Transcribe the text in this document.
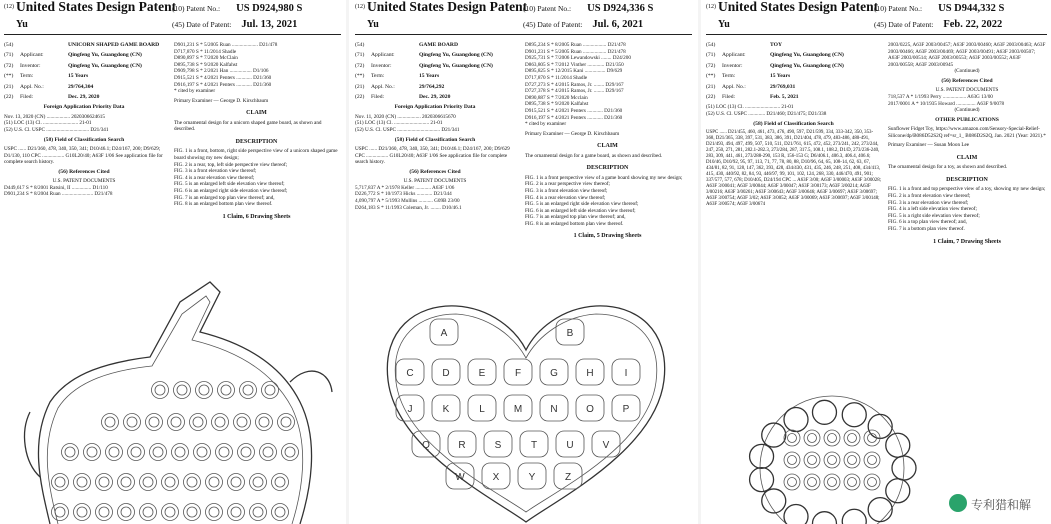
(12) United States Design Patent
Yu
(10) Patent No.: US D924,980 S
(45) Date of Patent: Jul. 13, 2021
(54)	UNICORN SHAPED GAME BOARD
(71)	Applicant:	Qingfeng Yu, Guangdong (CN)
(72)	Inventor:	Qingfeng Yu, Guangdong (CN)
(**)	Term:	15 Years
(21)	Appl. No.:	29/764,304
(22)	Filed:	Dec. 29, 2020
Foreign Application Priority Data
Nov. 13, 2020 (CN) .................. 2020306624615
(51) LOC (13) Cl. ........................... 21-01
(52) U.S. Cl. USPC ................................. D21/341
(58) Field of Classification Search
USPC ...... D21/360, 478, 340, 350, 341; D10/46.1; D24/167, 200; D9/629; D1/130, 110 CPC ................. G10L20/40; A63F 1/06 See application file for complete search history.
(56) References Cited
U.S. PATENT DOCUMENTS
D449,617 S * 8/2001 Ratsini, II ............... D1/110
D901,234 S * 8/2004 Ruan ........................ D21/478
D901,231 S * 5/2005 Ruan .................... D21/478
D717,870 S * 11/2014 Shadle
D890,897 S * 7/2020 McClain
D895,738 S * 9/2020 Kalfahst
D909,798 S * 2/2021 Han ................. D1/106
D915,521 S * 4/2021 Penters ............ D21/360
D916,197 S * 4/2021 Penters ............ D21/360
* cited by examiner
Primary Examiner — George D. Kirschbaum
CLAIM
The ornamental design for a unicorn shaped game board, as shown and described.
DESCRIPTION
FIG. 1 is a front, bottom, right side perspective view of a unicorn shaped game board showing my new design;
FIG. 2 is a rear, top, left side perspective view thereof;
FIG. 3 is a front elevation view thereof;
FIG. 4 is a rear elevation view thereof;
FIG. 5 is an enlarged left side elevation view thereof;
FIG. 6 is an enlarged right side elevation view thereof;
FIG. 7 is an enlarged top plan view thereof; and,
FIG. 8 is an enlarged bottom plan view thereof.
1 Claim, 6 Drawing Sheets
(12) United States Design Patent
Yu
(10) Patent No.: US D924,336 S
(45) Date of Patent: Jul. 6, 2021
(54)	GAME BOARD
(71)	Applicant:	Qingfeng Yu, Guangdong (CN)
(72)	Inventor:	Qingfeng Yu, Guangdong (CN)
(**)	Term:	15 Years
(21)	Appl. No.:	29/764,292
(22)	Filed:	Dec. 29, 2020
Foreign Application Priority Data
Nov. 11, 2020 (CN) .................. 2020306615670
(51) LOC (13) Cl. ........................... 21-01
(52) U.S. Cl. USPC ................................. D21/341
(58) Field of Classification Search
USPC ...... D21/360, 478, 340, 350, 341; D10/46.1; D24/167, 200; D9/629 CPC ................. G10L20/40; A63F 1/06 See application file for complete search history.
(56) References Cited
U.S. PATENT DOCUMENTS
5,717,837 A * 2/1978 Keller ............ A63F 1/06
D226,772 S * 10/1973 Hicks ............ D21/344
4,090,797 A * 5/1993 Mullins ........... G09B 23/00
D264,183 S * 11/1993 Coleman, Jr. ........ D10/46.1
D895,234 S * 8/2005 Ruan .................. D21/478
D901,231 S * 5/2005 Ruan .................. D21/478
D925,731 S * 7/2006 Lewandowski ........ D24/200
D863,805 S * 7/2012 Vinther ............. D21/350
D895,825 S * 12/2015 Kani ................ D9/629
D717,870 S * 11/2014 Shadle
D727,273 S * 4/2015 Ramos, Jr. ........ D29/167
D727,378 S * 4/2015 Ramos, Jr. ........ D29/167
D890,887 S * 7/2020 Mcclain
D895,738 S * 9/2020 Kalfahst
D915,521 S * 4/2021 Penters ............ D21/360
D916,197 S * 4/2021 Penters ............ D21/360
* cited by examiner
Primary Examiner — George D. Kirschbaum
CLAIM
The ornamental design for a game board, as shown and described.
DESCRIPTION
FIG. 1 is a front perspective view of a game board showing my new design;
FIG. 2 is a rear perspective view thereof;
FIG. 3 is a front elevation view thereof;
FIG. 4 is a rear elevation view thereof;
FIG. 5 is an enlarged right side elevation view thereof;
FIG. 6 is an enlarged left side elevation view thereof;
FIG. 7 is an enlarged top plan view thereof; and,
FIG. 8 is an enlarged bottom plan view thereof.
1 Claim, 5 Drawing Sheets
A	B
C	D	E	F	G	H	I
J	K	L	M	N	O	P
Q	R	S	T	U	V
W	X	Y	Z
(12) United States Design Patent
Yu
(10) Patent No.: US D944,332 S
(45) Date of Patent: Feb. 22, 2022
(54)	TOY
(71)	Applicant:	Qingfeng Yu, Guangdong (CN)
(72)	Inventor:	Qingfeng Yu, Guangdong (CN)
(**)	Term:	15 Years
(21)	Appl. No.:	29/769,031
(22)	Filed:	Feb. 5, 2021
(51) LOC (13) Cl. ........................... 21-01
(52) U.S. Cl. USPC ............. D21/460; D21/475; D21/338
(58) Field of Classification Search
USPC ...... D21/455, 460, 461, 473, 476, 490, 597, D21/599, 334, 333-342, 350, 353-368, D21/365, 338, 397, 531, 383, 386, 391, D21/404, 478, 479, 483-486, 480-491, D21/493, 494, 497, 499, 507, 510, 511, D21/761, 615, 472, 452, 273/241, 242, 273/244, 247, 250, 271, 281, 282.1-282.3, 273/284, 287, 317.5, 108.1, 108.2, D1/D, 273/236-240, 283, 309, 441, 461, 273/288-290, 153 R, 156-153 G; D6/406.1, 406.3, 406.4, 406.6; D10/46, D10/92, 95, 97, 113, 71, 77, 78, 80, 88, D10/96, 64, 65, 108-14, 62, 63, 67, 434/81, 82, 91, 128, 147, 362, 393, 428, 434/430, 431, 435, 246, 248, 251, 408, 434/413, 415, 430, 440/92, 82, 84, 93, 446/97, 99, 101, 102, 124, 268, 330, 446/470, 491, 901; 337/577, 577, 678; D10/405, D24/194 CPC ... A63F 3/00; A63F 3/00003; A63F 3/00028; A63F 3/00041; A63F 3/00044; A63F 3/00047; A63F 3/00173; A63F 3/00214; A63F 3/00216; A63F 3/00261; A63F 3/00643; A63F 3/00646; A63F 3/00697; A63F 3/00697; A63F 3/00754; A63F 3/02; A63F 3/0052; A63F 3/00069; A63F 3/00697; A63F 3/00148; A63F 3/00574; A63F 3/00674
2003/0225, A63F 2003/00457; A63F 2003/00460; A63F 2003/00463; A63F 2003/00466; A63F 2003/00469; A63F 2003/00491; A63F 2003/00507; A63F 2003/00514; A63F 2003/00553; A63F 2003/00552; A63F 2003/00558; A63F 2003/00945
(Continued)
(56) References Cited
U.S. PATENT DOCUMENTS
718,537 A * 1/1993 Perry .................. A63G 13/00
2017/0001 A * 10/1935 Howard ............... A63F 9/0078
(Continued)
OTHER PUBLICATIONS
Sunflower Fidget Toy, https://www.amazon.com/Sensory-Special-Relief-Silicone/dp/B086D52S2Q ref=sr_1_ B086D2S2Q, Jan. 2021 (Year: 2021).*
Primary Examiner — Susan Moon Lee
CLAIM
The ornamental design for a toy, as shown and described.
DESCRIPTION
FIG. 1 is a front and top perspective view of a toy, showing my new design;
FIG. 2 is a front elevation view thereof;
FIG. 3 is a rear elevation view thereof;
FIG. 4 is a left side elevation view thereof;
FIG. 5 is a right side elevation view thereof;
FIG. 6 is a top plan view thereof; and,
FIG. 7 is a bottom plan view thereof.
1 Claim, 7 Drawing Sheets
专利猎和解
